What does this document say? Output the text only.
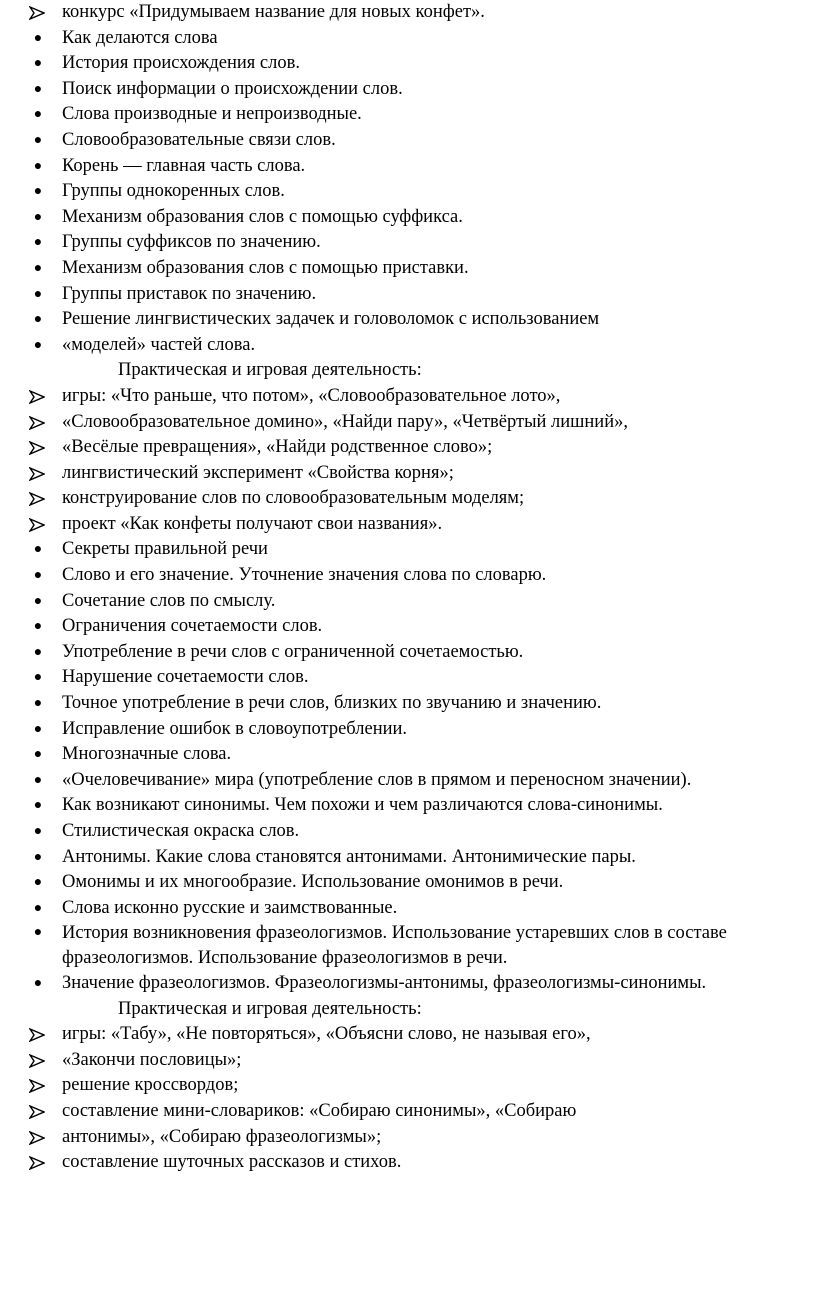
конкурс «Придумываем название для новых конфет».
●	Как делаются слова
●	История происхождения слов.
●	Поиск информации о происхождении слов.
●	Слова производные и непроизводные.
●	Словообразовательные связи слов.
●	Корень — главная часть слова.
●	Группы однокоренных слов.
●	Механизм образования слов с помощью суффикса.
●	Группы суффиксов по значению.
●	Механизм образования слов с помощью приставки.
●	Группы приставок по значению.
●	Решение лингвистических задачек и головоломок с использованием
●	«моделей» частей слова.
Практическая и игровая деятельность:
игры: «Что раньше, что потом», «Словообразовательное лото»,
«Словообразовательное домино», «Найди пару», «Четвёртый лишний»,
«Весёлые превращения», «Найди родственное слово»;
лингвистический эксперимент «Свойства корня»;
конструирование слов по словообразовательным моделям;
проект «Как конфеты получают свои названия».
●	Секреты правильной речи
●	Слово и его значение. Уточнение значения слова по словарю.
●	Сочетание слов по смыслу.
●	Ограничения сочетаемости слов.
●	Употребление в речи слов с ограниченной сочетаемостью.
●	Нарушение сочетаемости слов.
●	Точное употребление в речи слов, близких по звучанию и значению.
●	Исправление ошибок в словоупотреблении.
●	Многозначные слова.
●	«Очеловечивание» мира (употребление слов в прямом и переносном значении).
●	Как возникают синонимы. Чем похожи и чем различаются слова-синонимы.
●	Стилистическая окраска слов.
●	Антонимы. Какие слова становятся антонимами. Антонимические пары.
●	Омонимы и их многообразие. Использование омонимов в речи.
●	Слова исконно русские и заимствованные.
●	История возникновения фразеологизмов. Использование устаревших слов в составе фразеологизмов. Использование фразеологизмов в речи.
●	Значение фразеологизмов. Фразеологизмы-антонимы, фразеологизмы-синонимы.
Практическая и игровая деятельность:
игры: «Табу», «Не повторяться», «Объясни слово, не называя его»,
«Закончи пословицы»;
решение кроссвордов;
составление мини-словариков: «Собираю синонимы», «Собираю
антонимы», «Собираю фразеологизмы»;
составление шуточных рассказов и стихов.
